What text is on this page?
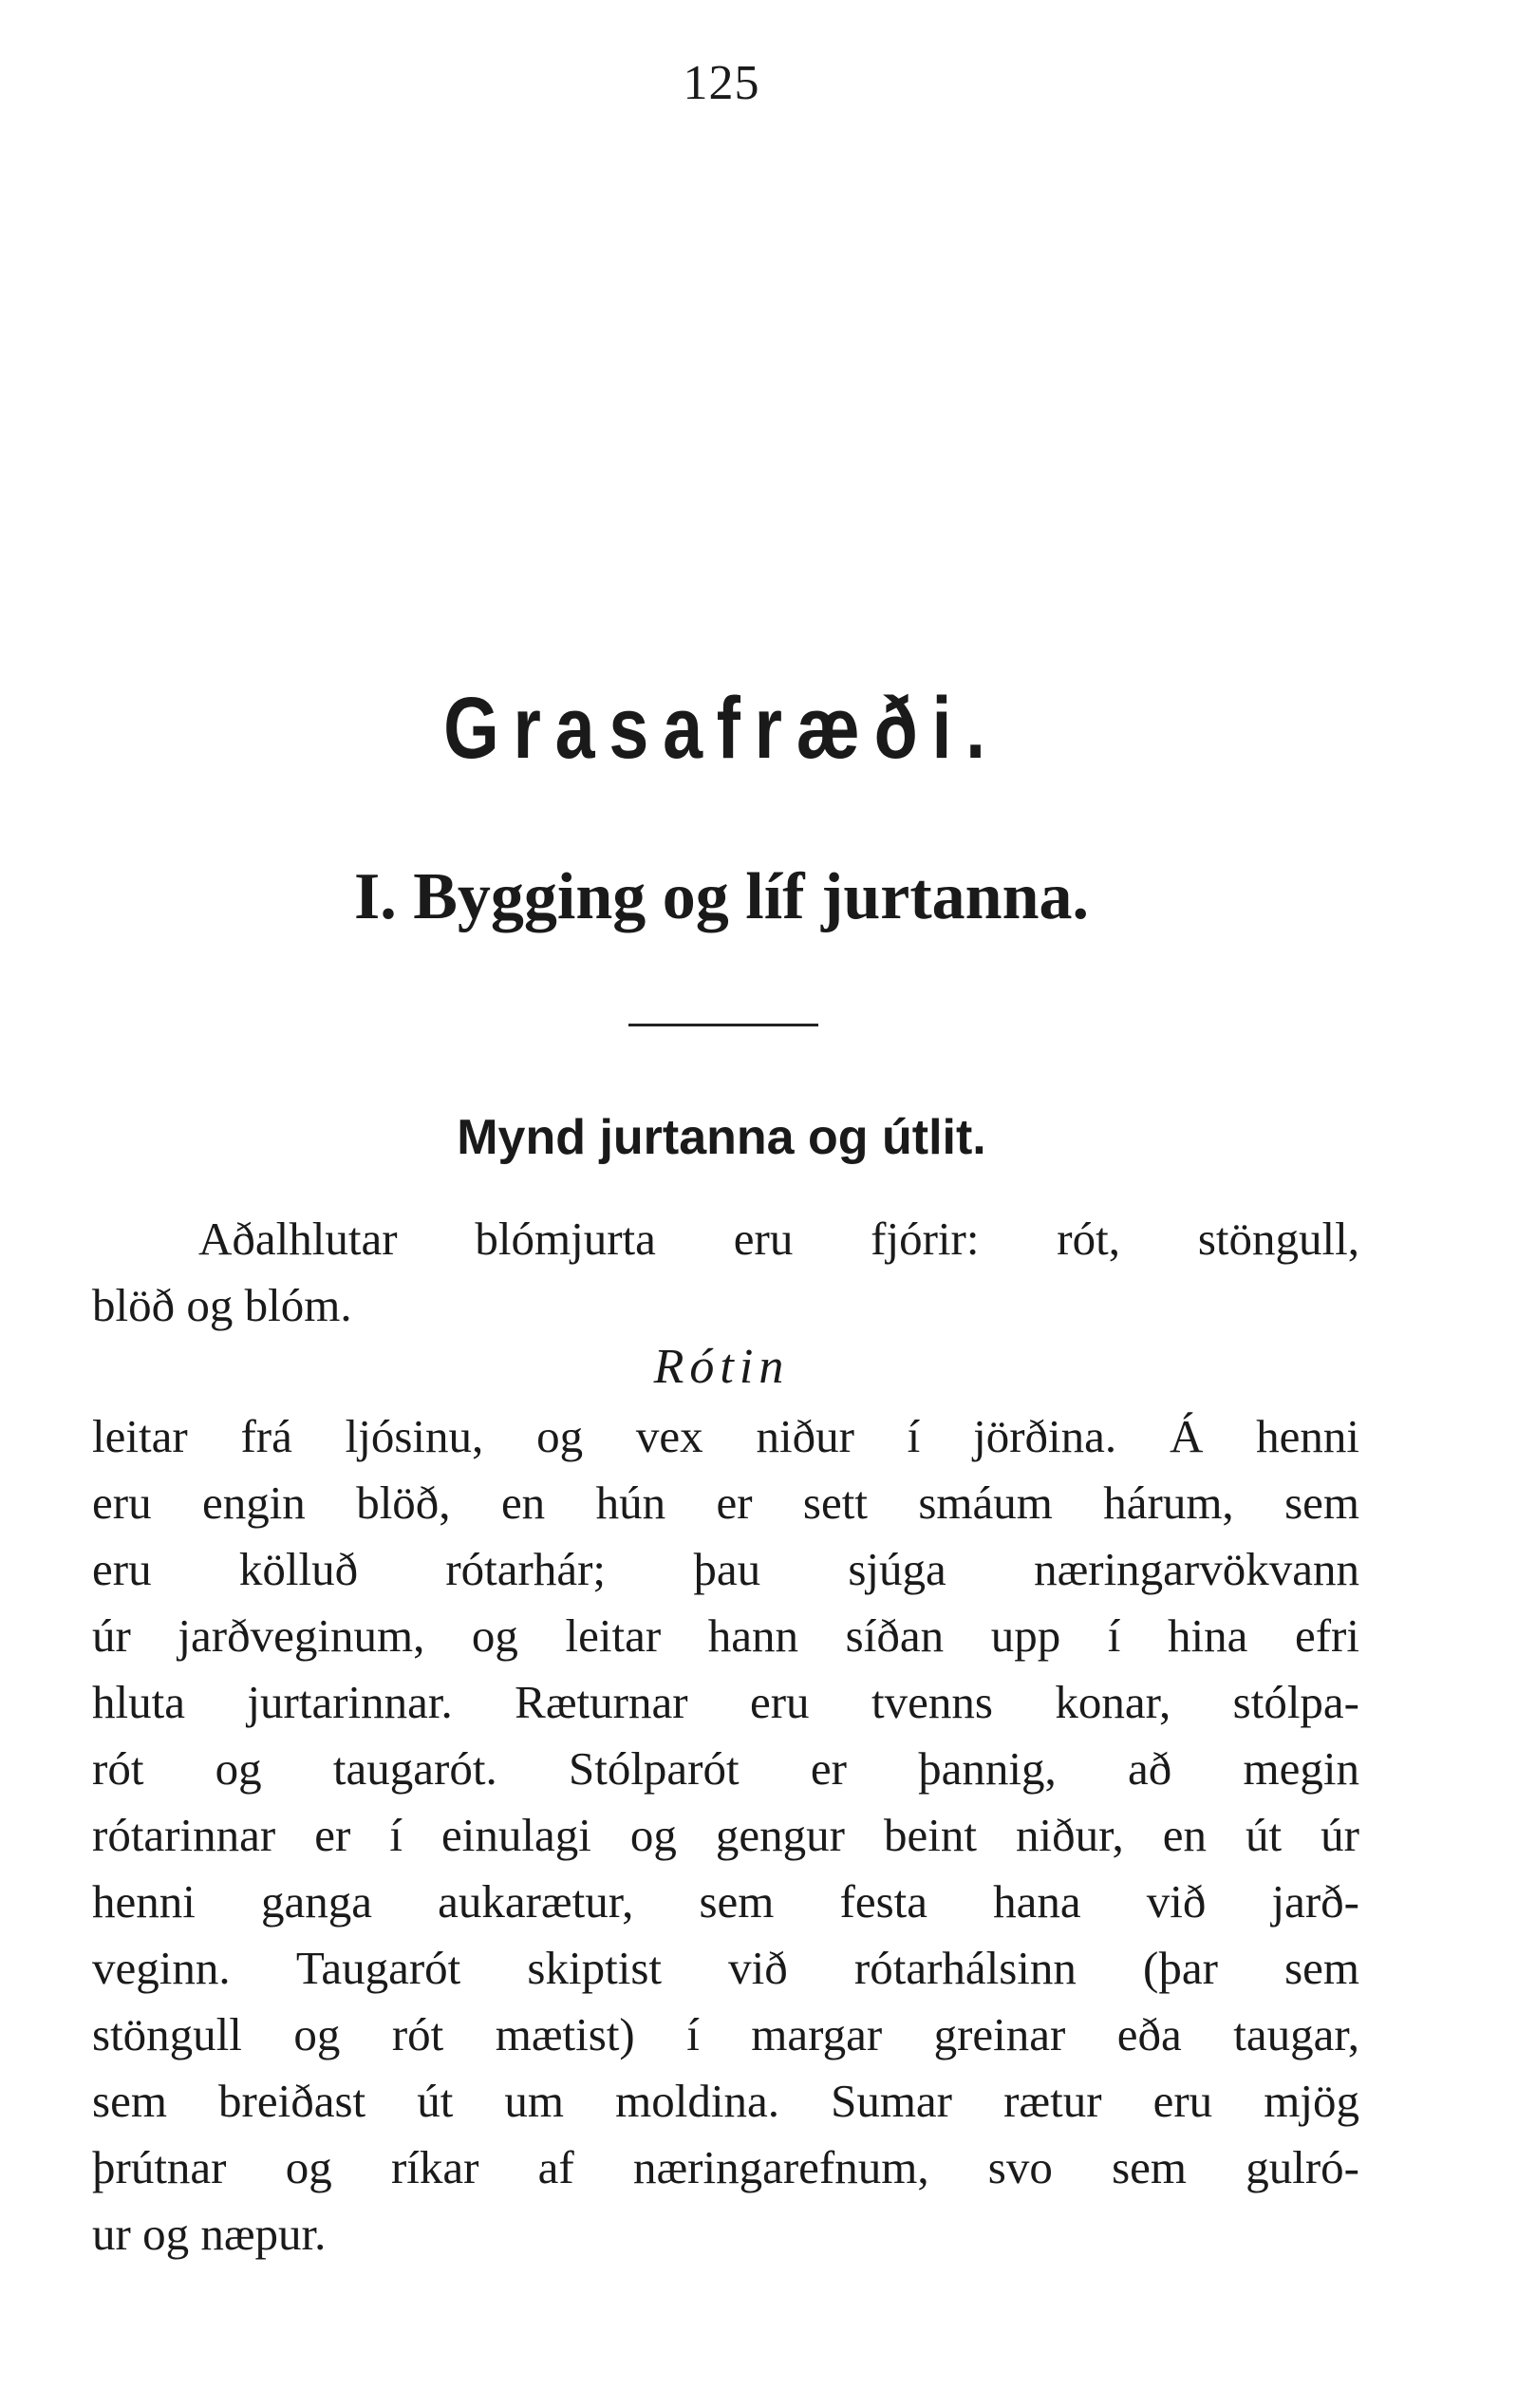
125
Grasafræði.
I. Bygging og líf jurtanna.
Mynd jurtanna og útlit.
Aðalhlutar blómjurta eru fjórir: rót, stöngull,
blöð og blóm.
Rótin
leitar frá ljósinu, og vex niður í jörðina. Á henni
eru engin blöð, en hún er sett smáum hárum, sem
eru kölluð rótarhár; þau sjúga næringarvökvann
úr jarðveginum, og leitar hann síðan upp í hina efri
hluta jurtarinnar. Ræturnar eru tvenns konar, stólpa-
rót og taugarót. Stólparót er þannig, að megin
rótarinnar er í einulagi og gengur beint niður, en út úr
henni ganga aukarætur, sem festa hana við jarð-
veginn. Taugarót skiptist við rótarhálsinn (þar sem
stöngull og rót mætist) í margar greinar eða taugar,
sem breiðast út um moldina. Sumar rætur eru mjög
þrútnar og ríkar af næringarefnum, svo sem gulró-
ur og næpur.
